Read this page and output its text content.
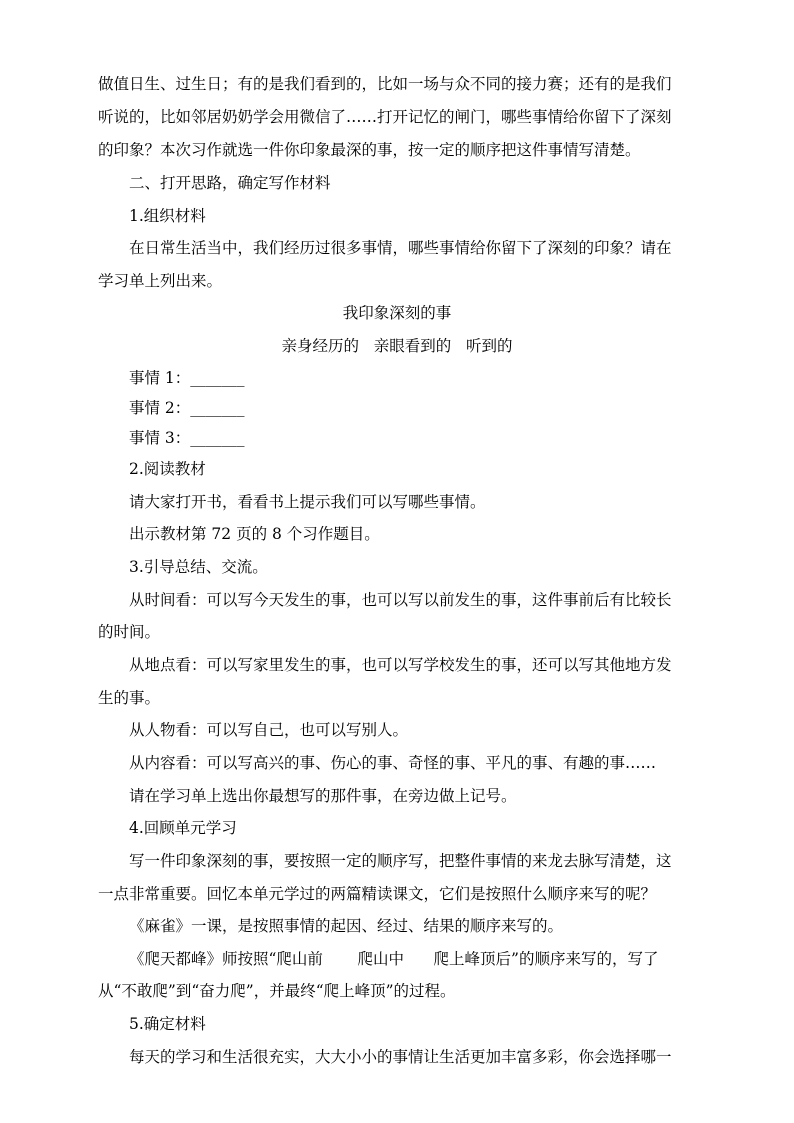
做值日生、过生日；有的是我们看到的，比如一场与众不同的接力赛；还有的是我们
听说的，比如邻居奶奶学会用微信了……打开记忆的闸门，哪些事情给你留下了深刻
的印象？本次习作就选一件你印象最深的事，按一定的顺序把这件事情写清楚。
二、打开思路，确定写作材料
1.组织材料
在日常生活当中，我们经历过很多事情，哪些事情给你留下了深刻的印象？请在
学习单上列出来。
我印象深刻的事
亲身经历的 亲眼看到的 听到的
事情 1：_______
事情 2：_______
事情 3：_______
2.阅读教材
请大家打开书，看看书上提示我们可以写哪些事情。
出示教材第 72 页的 8 个习作题目。
3.引导总结、交流。
从时间看：可以写今天发生的事，也可以写以前发生的事，这件事前后有比较长
的时间。
从地点看：可以写家里发生的事，也可以写学校发生的事，还可以写其他地方发
生的事。
从人物看：可以写自己，也可以写别人。
从内容看：可以写高兴的事、伤心的事、奇怪的事、平凡的事、有趣的事……
请在学习单上选出你最想写的那件事，在旁边做上记号。
4.回顾单元学习
写一件印象深刻的事，要按照一定的顺序写，把整件事情的来龙去脉写清楚，这
一点非常重要。回忆本单元学过的两篇精读课文，它们是按照什么顺序来写的呢？
《麻雀》一课，是按照事情的起因、经过、结果的顺序来写的。
《爬天都峰》师按照“爬山前 爬山中 爬上峰顶后”的顺序来写的，写了
从“不敢爬”到“奋力爬”，并最终“爬上峰顶”的过程。
5.确定材料
每天的学习和生活很充实，大大小小的事情让生活更加丰富多彩，你会选择哪一
